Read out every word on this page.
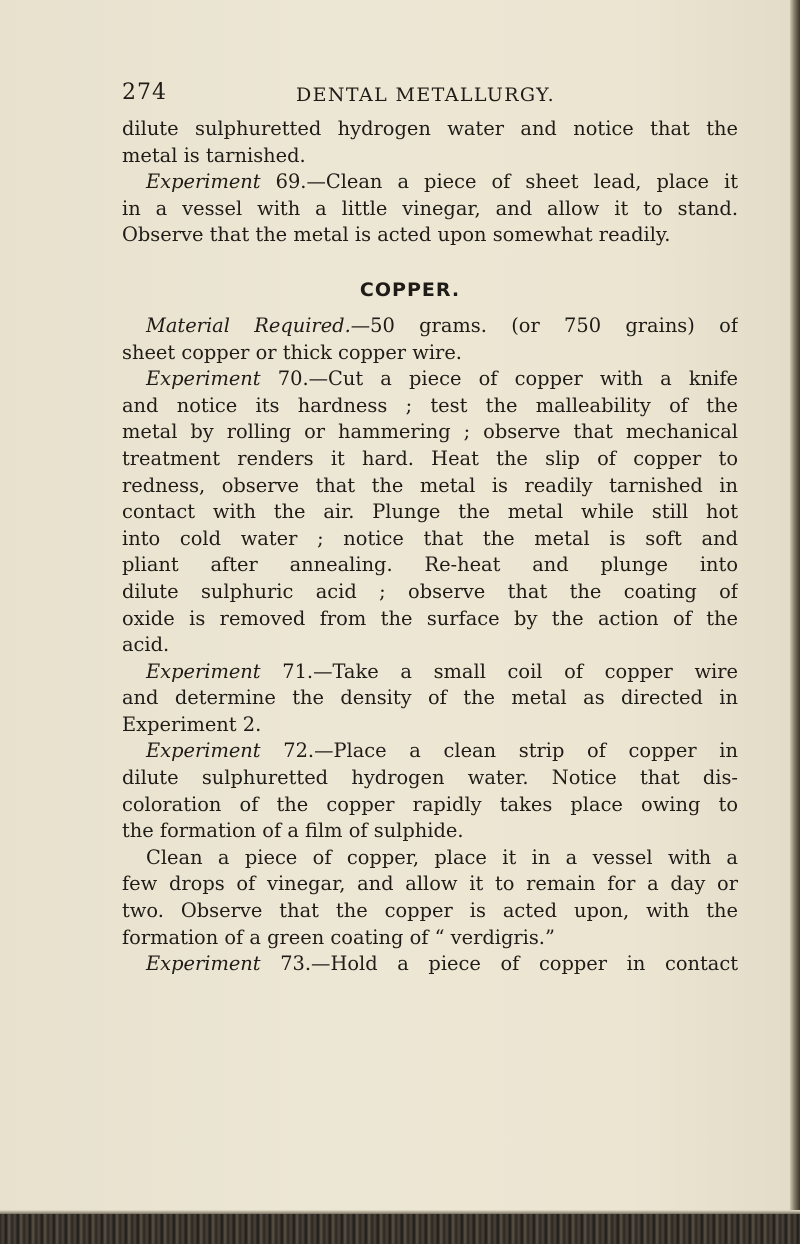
274	DENTAL METALLURGY.
dilute sulphuretted hydrogen water and notice that the
metal is tarnished.
Experiment 69.—Clean a piece of sheet lead, place it
in a vessel with a little vinegar, and allow it to stand.
Observe that the metal is acted upon somewhat readily.
COPPER.
Material Required.—50 grams. (or 750 grains) of
sheet copper or thick copper wire.
Experiment 70.—Cut a piece of copper with a knife
and notice its hardness ; test the malleability of the
metal by rolling or hammering ; observe that mechanical
treatment renders it hard. Heat the slip of copper to
redness, observe that the metal is readily tarnished in
contact with the air. Plunge the metal while still hot
into cold water ; notice that the metal is soft and
pliant after annealing. Re-heat and plunge into
dilute sulphuric acid ; observe that the coating of
oxide is removed from the surface by the action of the
acid.
Experiment 71.—Take a small coil of copper wire
and determine the density of the metal as directed in
Experiment 2.
Experiment 72.—Place a clean strip of copper in
dilute sulphuretted hydrogen water. Notice that dis-
coloration of the copper rapidly takes place owing to
the formation of a film of sulphide.
Clean a piece of copper, place it in a vessel with a
few drops of vinegar, and allow it to remain for a day or
two. Observe that the copper is acted upon, with the
formation of a green coating of “ verdigris.”
Experiment 73.—Hold a piece of copper in contact
